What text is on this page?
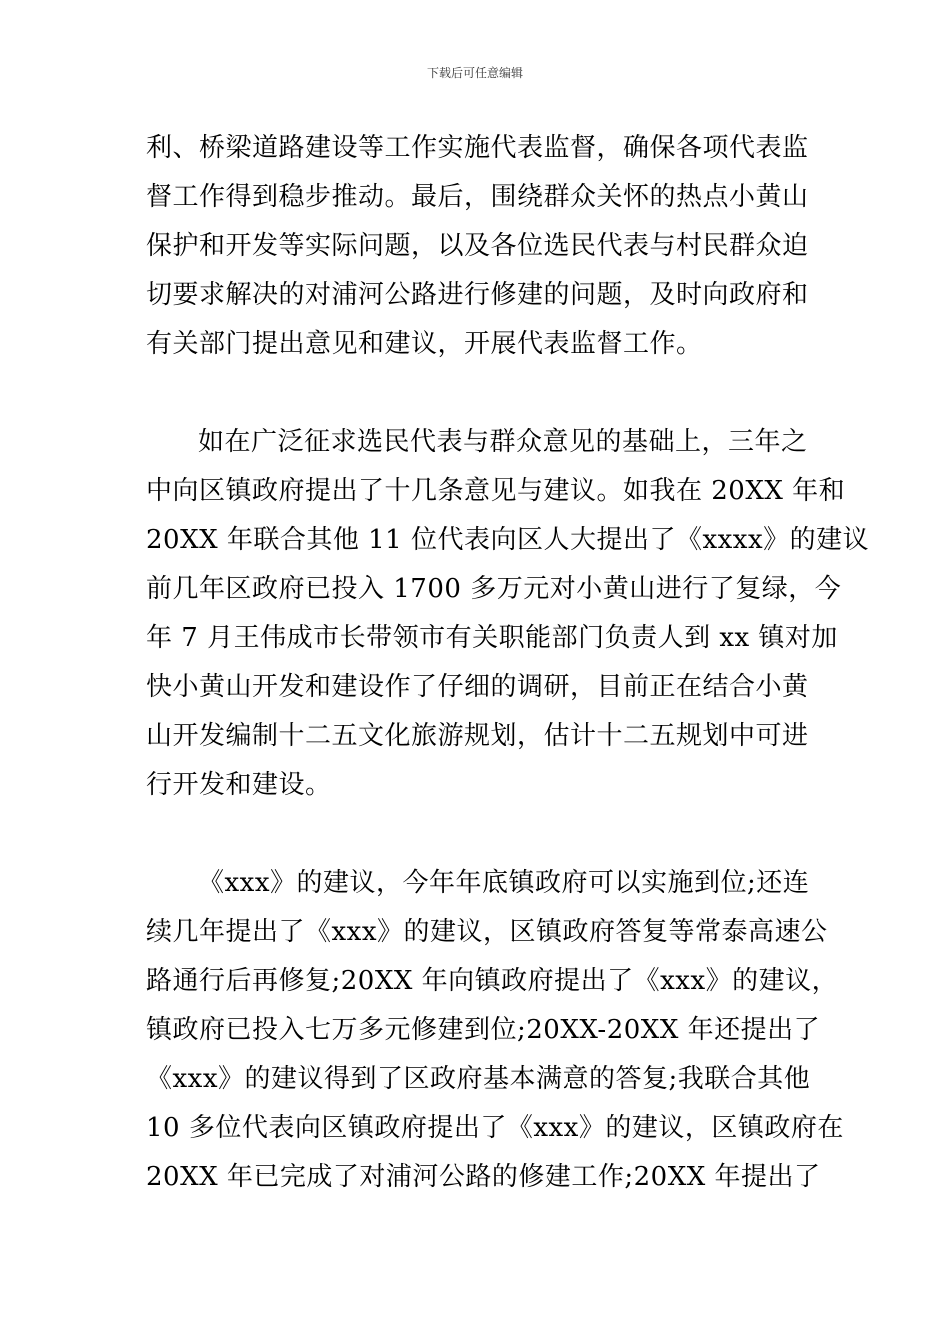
下载后可任意编辑
利、桥梁道路建设等工作实施代表监督，确保各项代表监
督工作得到稳步推动。最后，围绕群众关怀的热点小黄山
保护和开发等实际问题，以及各位选民代表与村民群众迫
切要求解决的对浦河公路进行修建的问题，及时向政府和
有关部门提出意见和建议，开展代表监督工作。
如在广泛征求选民代表与群众意见的基础上，三年之
中向区镇政府提出了十几条意见与建议。如我在 20XX 年和
20XX 年联合其他 11 位代表向区人大提出了《xxxx》的建议
前几年区政府已投入 1700 多万元对小黄山进行了复绿，今
年 7 月王伟成市长带领市有关职能部门负责人到 xx 镇对加
快小黄山开发和建设作了仔细的调研，目前正在结合小黄
山开发编制十二五文化旅游规划，估计十二五规划中可进
行开发和建设。
《xxx》的建议，今年年底镇政府可以实施到位;还连
续几年提出了《xxx》的建议，区镇政府答复等常泰高速公
路通行后再修复;20XX 年向镇政府提出了《xxx》的建议，
镇政府已投入七万多元修建到位;20XX-20XX 年还提出了
《xxx》的建议得到了区政府基本满意的答复;我联合其他
10 多位代表向区镇政府提出了《xxx》的建议，区镇政府在
20XX 年已完成了对浦河公路的修建工作;20XX 年提出了
